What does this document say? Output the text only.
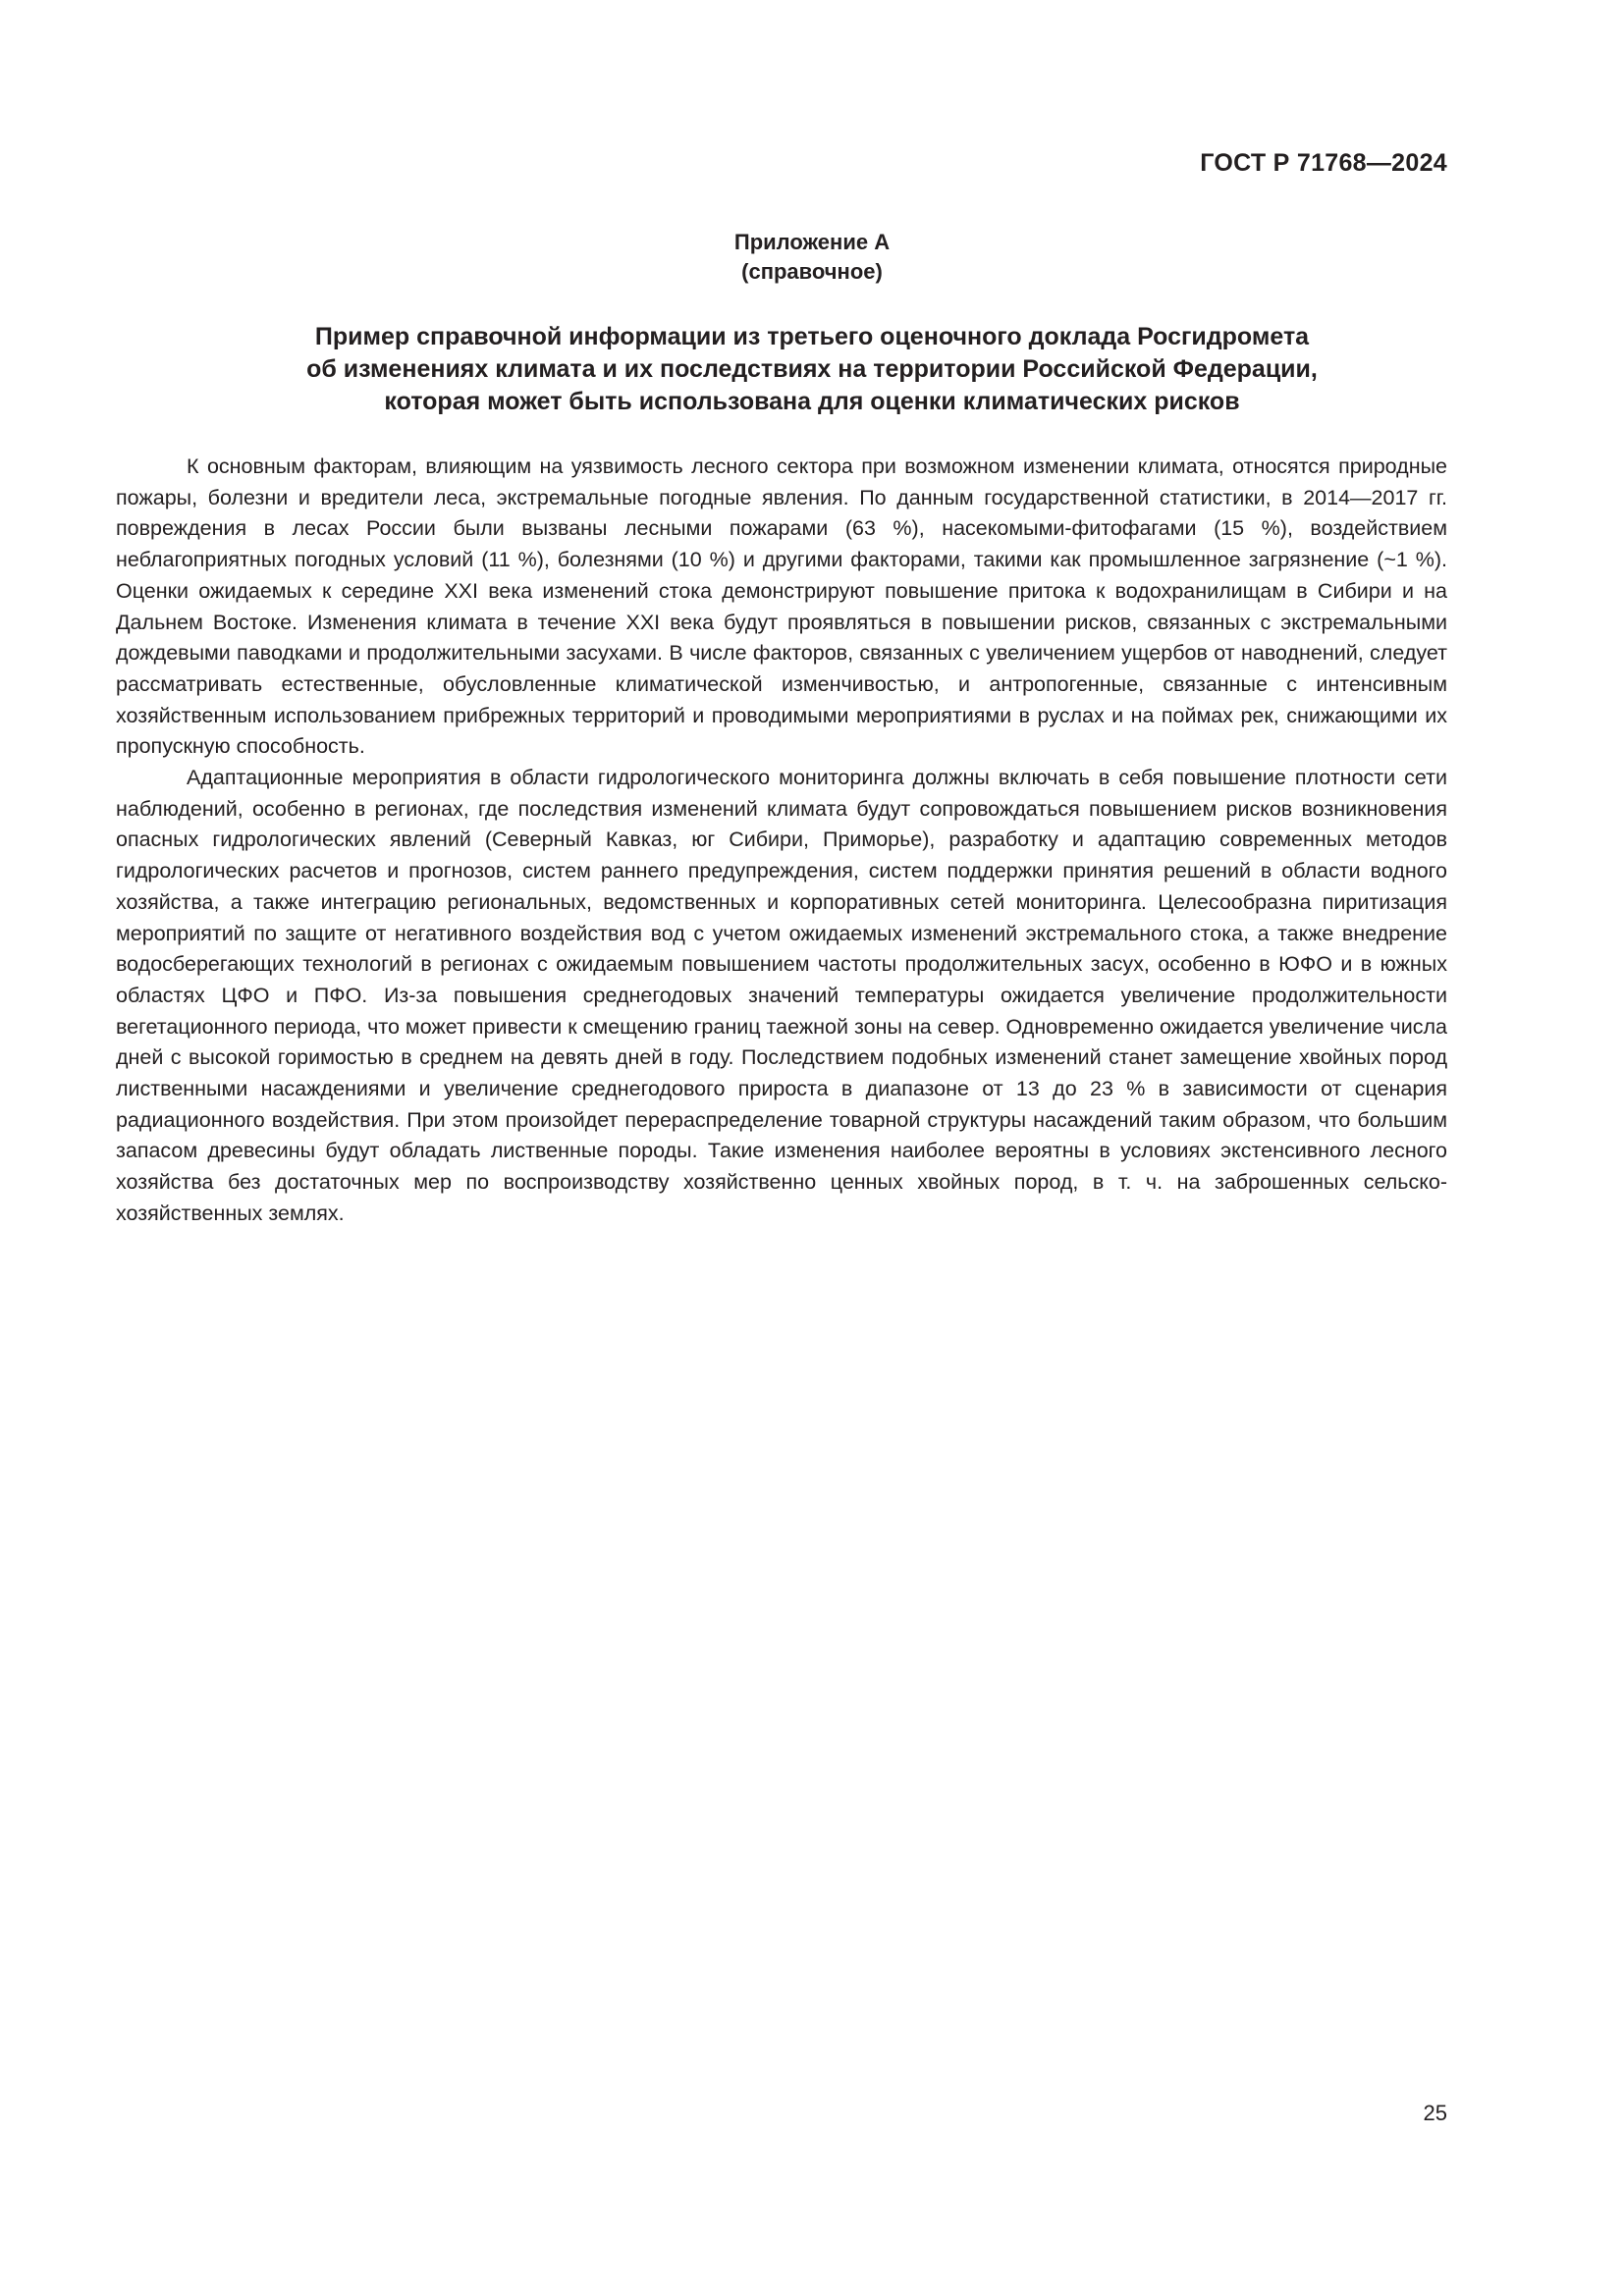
ГОСТ Р 71768—2024
Приложение А
(справочное)
Пример справочной информации из третьего оценочного доклада Росгидромета
об изменениях климата и их последствиях на территории Российской Федерации,
которая может быть использована для оценки климатических рисков

К основным факторам, влияющим на уязвимость лесного сектора при возможном изменении климата, относятся природные пожары, болезни и вредители леса, экстремальные погодные явления. По данным государственной статистики, в 2014—2017 гг. повреждения в лесах России были вызваны лесными пожарами (63 %), насекомыми-фитофагами (15 %), воздействием неблагоприятных погодных условий (11 %), болезнями (10 %) и другими факторами, такими как промышленное загрязнение (~1 %). Оценки ожидаемых к середине XXI века изменений стока демонстрируют повышение притока к водохранилищам в Сибири и на Дальнем Востоке. Изменения климата в течение XXI века будут проявляться в повышении рисков, связанных с экстремальными дождевыми паводками и продолжительными засухами. В числе факторов, связанных с увеличением ущербов от наводнений, следует рассматривать естественные, обусловленные климатической изменчивостью, и антропогенные, связанные с интенсивным хозяйственным использованием прибрежных территорий и проводимыми мероприятиями в руслах и на поймах рек, снижающими их пропускную способность.

Адаптационные мероприятия в области гидрологического мониторинга должны включать в себя повышение плотности сети наблюдений, особенно в регионах, где последствия изменений климата будут сопровождаться повышением рисков возникновения опасных гидрологических явлений (Северный Кавказ, юг Сибири, Приморье), разработку и адаптацию современных методов гидрологических расчетов и прогнозов, систем раннего предупреждения, систем поддержки принятия решений в области водного хозяйства, а также интеграцию региональных, ведомственных и корпоративных сетей мониторинга. Целесообразна пиритизация мероприятий по защите от негативного воздействия вод с учетом ожидаемых изменений экстремального стока, а также внедрение водосберегающих технологий в регионах с ожидаемым повышением частоты продолжительных засух, особенно в ЮФО и в южных областях ЦФО и ПФО. Из-за повышения среднегодовых значений температуры ожидается увеличение продолжительности вегетационного периода, что может привести к смещению границ таежной зоны на север. Одновременно ожидается увеличение числа дней с высокой горимостью в среднем на девять дней в году. Последствием подобных изменений станет замещение хвойных пород лиственными насаждениями и увеличение среднегодового прироста в диапазоне от 13 до 23 % в зависимости от сценария радиационного воздействия. При этом произойдет перераспределение товарной структуры насаждений таким образом, что большим запасом древесины будут обладать лиственные породы. Такие изменения наиболее вероятны в условиях экстенсивного лесного хозяйства без достаточных мер по воспроизводству хозяйственно ценных хвойных пород, в т. ч. на заброшенных сельско-хозяйственных землях.

25
